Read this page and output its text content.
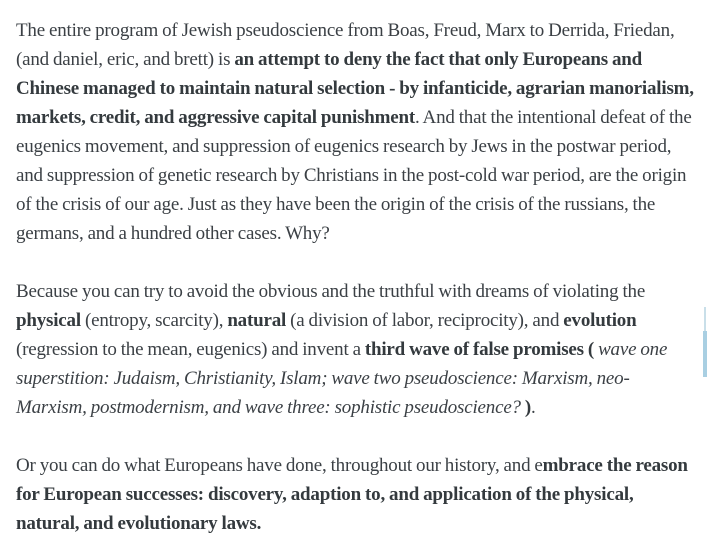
The entire program of Jewish pseudoscience from Boas, Freud, Marx to Derrida, Friedan, (and daniel, eric, and brett) is an attempt to deny the fact that only Europeans and Chinese managed to maintain natural selection - by infanticide, agrarian manorialism, markets, credit, and aggressive capital punishment. And that the intentional defeat of the eugenics movement, and suppression of eugenics research by Jews in the postwar period, and suppression of genetic research by Christians in the post-cold war period, are the origin of the crisis of our age. Just as they have been the origin of the crisis of the russians, the germans, and a hundred other cases. Why?

Because you can try to avoid the obvious and the truthful with dreams of violating the physical (entropy, scarcity), natural (a division of labor, reciprocity), and evolution (regression to the mean, eugenics) and invent a third wave of false promises ( wave one superstition: Judaism, Christianity, Islam; wave two pseudoscience: Marxism, neo-Marxism, postmodernism, and wave three: sophistic pseudoscience? ).

Or you can do what Europeans have done, throughout our history, and embrace the reason for European successes: discovery, adaption to, and application of the physical, natural, and evolutionary laws.
